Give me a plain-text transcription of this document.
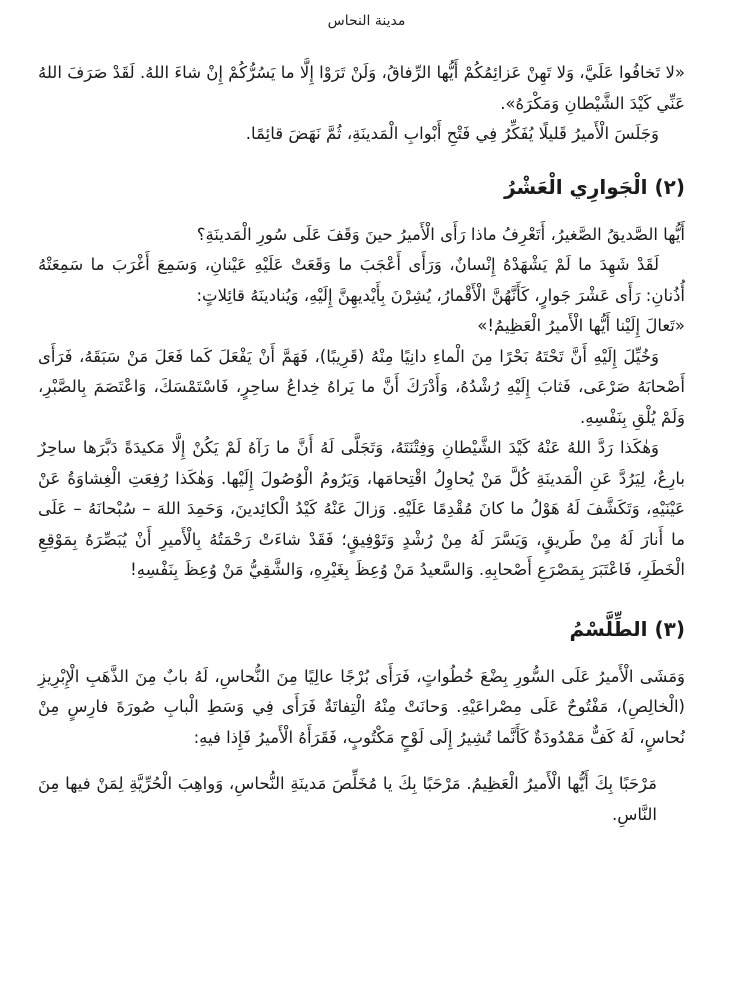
مدينة النحاس

«لا تَخافُوا عَلَيَّ، وَلا تَهِنْ عَزائِمُكُمْ أَيُّها الرِّفاقُ، وَلَنْ تَرَوْا إِلَّا ما يَسُرُّكُمْ إِنْ شاءَ اللهُ. لَقَدْ صَرَفَ اللهُ عَنِّي كَيْدَ الشَّيْطانِ وَمَكْرَهُ».

وَجَلَسَ الْأَميرُ قَليلًا يُفَكِّرُ فِي فَتْحِ أَبْوابِ الْمَدينَةِ، ثُمَّ نَهَضَ قائِمًا.

(٢) الْجَوارِي الْعَشْرُ

أَيُّها الصَّديقُ الصَّغيرُ، أَتَعْرِفُ ماذا رَأَى الْأَميرُ حينَ وَقَفَ عَلَى سُورِ الْمَدينَةِ؟

لَقَدْ شَهِدَ ما لَمْ يَشْهَدْهُ إِنْسانٌ، وَرَأَى أَعْجَبَ ما وَقَعَتْ عَلَيْهِ عَيْنانِ، وَسَمِعَ أَغْرَبَ ما سَمِعَتْهُ أُذُنانِ: رَأَى عَشْرَ جَوارٍ، كَأَنَّهُنَّ الْأَقْمارُ، يُشِرْنَ بِأَيْديهِنَّ إِلَيْهِ، وَيُنادينَهُ قائِلاتٍ:

«تَعالَ إِلَيْنا أَيُّها الْأَميرُ الْعَظِيمُ!»

وَخُيِّلَ إِلَيْهِ أَنَّ تَحْتَهُ بَحْرًا مِنَ الْماءِ دانِيًا مِنْهُ (قَرِيبًا)، فَهَمَّ أَنْ يَفْعَلَ كَما فَعَلَ مَنْ سَبَقَهُ، فَرَأَى أَصْحابَهُ صَرْعَى، فَثابَ إِلَيْهِ رُشْدُهُ، وَأَدْرَكَ أَنَّ ما يَراهُ خِداعُ ساحِرٍ، فَاسْتَمْسَكَ، وَاعْتَصَمَ بِالصَّبْرِ، وَلَمْ يُلْقِ بِنَفْسِهِ.

وَهٰكَذا رَدَّ اللهُ عَنْهُ كَيْدَ الشَّيْطانِ وَفِتْنَتَهُ، وَتَجَلَّى لَهُ أَنَّ ما رَآهُ لَمْ يَكُنْ إِلَّا مَكيدَةً دَبَّرَها ساحِرٌ بارِعٌ، لِيَرُدَّ عَنِ الْمَدينَةِ كُلَّ مَنْ يُحاوِلُ اقْتِحامَها، وَيَرُومُ الْوُصُولَ إِلَيْها. وَهٰكَذا رُفِعَتِ الْغِشاوَةُ عَنْ عَيْنَيْهِ، وَتَكَشَّفَ لَهُ هَوْلُ ما كانَ مُقْدِمًا عَلَيْهِ. وَزالَ عَنْهُ كَيْدُ الْكائِدينَ، وَحَمِدَ اللهَ – سُبْحانَهُ – عَلَى ما أَنارَ لَهُ مِنْ طَريقٍ، وَيَسَّرَ لَهُ مِنْ رُشْدٍ وَتَوْفِيقٍ؛ فَقَدْ شاءَتْ رَحْمَتُهُ بِالْأَميرِ أَنْ يُبَصِّرَهُ بِمَوْقِعِ الْخَطَرِ، فَاعْتَبَرَ بِمَصْرَعِ أَصْحابِهِ. وَالسَّعيدُ مَنْ وُعِظَ بِغَيْرِهِ، وَالشَّقِيُّ مَنْ وُعِظَ بِنَفْسِهِ!

(٣) الطِّلَّسْمُ

وَمَشَى الْأَميرُ عَلَى السُّورِ بِضْعَ خُطُواتٍ، فَرَأَى بُرْجًا عالِيًا مِنَ النُّحاسِ، لَهُ بابٌ مِنَ الذَّهَبِ الْإِبْرِيزِ (الْخالِصِ)، مَفْتُوحٌ عَلَى مِصْراعَيْهِ. وَحانَتْ مِنْهُ الْتِفاتَةٌ فَرَأَى فِي وَسَطِ الْبابِ صُورَةَ فارِسٍ مِنْ نُحاسٍ، لَهُ كَفٌّ مَمْدُودَةٌ كَأَنَّما تُشِيرُ إِلَى لَوْحٍ مَكْتُوبٍ، فَقَرَأَهُ الْأَميرُ فَإِذا فيهِ:

مَرْحَبًا بِكَ أَيُّها الْأَميرُ الْعَظِيمُ. مَرْحَبًا بِكَ يا مُخَلِّصَ مَدينَةِ النُّحاسِ، وَواهِبَ الْحُرِّيَّةِ لِمَنْ فيها مِنَ النَّاسِ.
